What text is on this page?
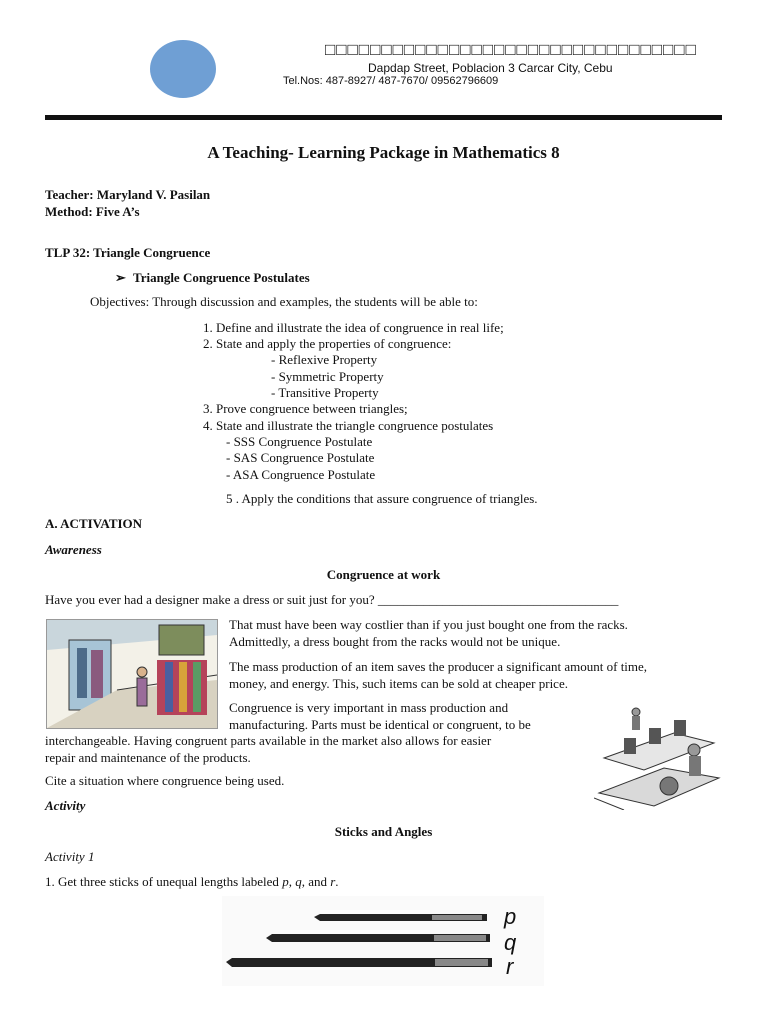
□□□□□□□□□□□□□□□□□□□□□□□□□□□□□□□□□
Dapdap Street, Poblacion 3 Carcar City, Cebu
Tel.Nos: 487-8927/ 487-7670/ 09562796609
A Teaching- Learning Package in Mathematics 8
Teacher: Maryland V. Pasilan
Method: Five A’s
TLP 32: Triangle Congruence
➢ Triangle Congruence Postulates
Objectives: Through discussion and examples, the students will be able to:
1. Define and illustrate the idea of congruence in real life;
2. State and apply the properties of congruence:
- Reflexive Property
- Symmetric Property
- Transitive Property
3. Prove congruence between triangles;
4. State and illustrate the triangle congruence postulates
- SSS Congruence Postulate
- SAS Congruence Postulate
- ASA Congruence Postulate
5 . Apply the conditions that assure congruence of triangles.
A. ACTIVATION
Awareness
Congruence at work
Have you ever had a designer make a dress or suit just for you? _____________________________________
That must have been way costlier than if you just bought one from the racks.
Admittedly, a dress bought from the racks would not be unique.
The mass production of an item saves the producer a significant amount of time,
money, and energy. This, such items can be sold at cheaper price.
Congruence is very important in mass production and
manufacturing. Parts must be identical or congruent, to be
interchangeable. Having congruent parts available in the market also allows for easier
repair and maintenance of the products.
Cite a situation where congruence being used.
Activity
Sticks and Angles
Activity 1
1. Get three sticks of unequal lengths labeled p, q, and r.
p
q
r
